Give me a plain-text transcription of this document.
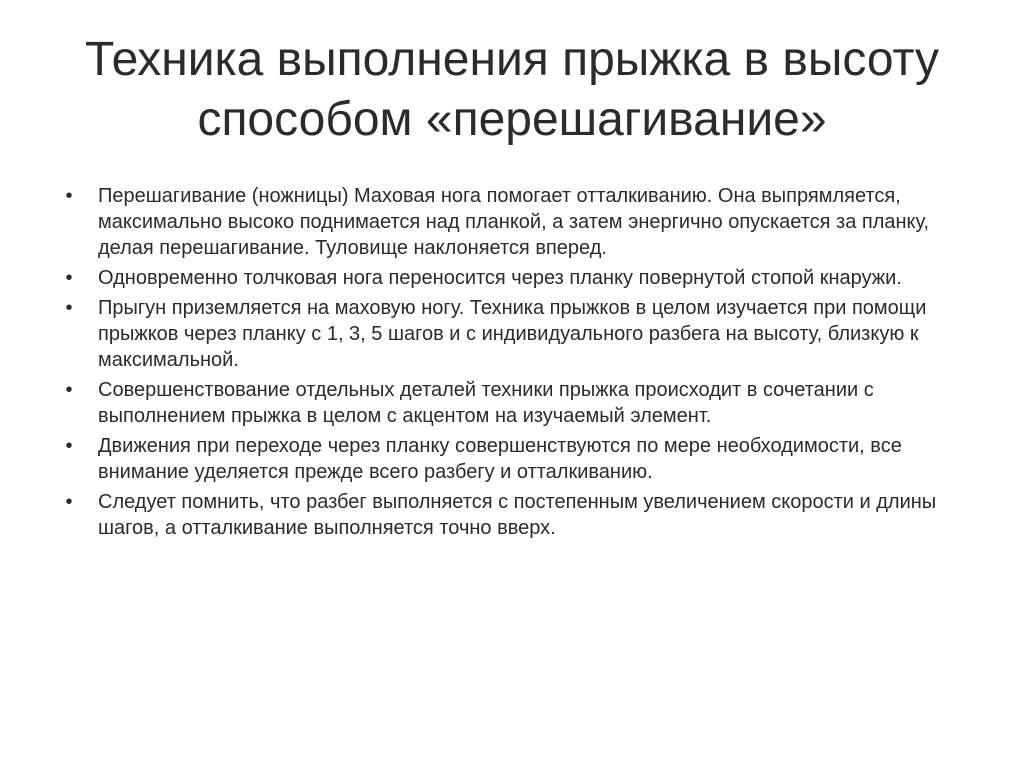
Техника выполнения прыжка в высоту способом «перешагивание»
• Перешагивание (ножницы) Маховая нога помогает отталкиванию. Она выпрямляется, максимально высоко поднимается над планкой, а затем энергично опускается за планку, делая перешагивание. Туловище наклоняется вперед.
• Одновременно толчковая нога переносится через планку повернутой стопой кнаружи.
• Прыгун приземляется на маховую ногу. Техника прыжков в целом изучается при помощи прыжков через планку с 1, 3, 5 шагов и с индивидуального разбега на высоту, близкую к максимальной.
• Совершенствование отдельных деталей техники прыжка происходит в сочетании с выполнением прыжка в целом с акцентом на изучаемый элемент.
• Движения при переходе через планку совершенствуются по мере необходимости, все внимание уделяется прежде всего разбегу и отталкиванию.
• Следует помнить, что разбег выполняется с постепенным увеличением скорости и длины шагов, а отталкивание выполняется точно вверх.
